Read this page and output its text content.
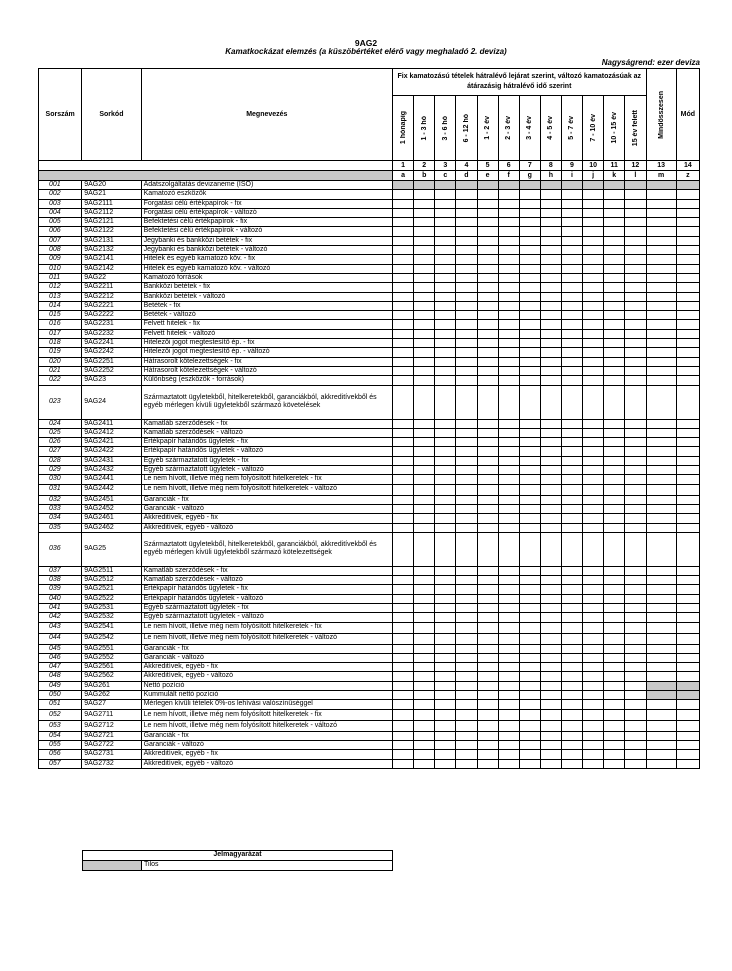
9AG2
Kamatkockázat elemzés (a küszöbértéket elérő vagy meghaladó 2. deviza)
Nagyságrend: ezer deviza
Sorszám	Sorkód	Megnevezés	Fix kamatozású tételek hátralévő lejárat szerint, változó kamatozásúak az átárazásig hátralévő idő szerint												Mindösszesen	Mód

			1 hónapig	1 - 3 hó	3 - 6 hó	6 - 12 hó	1 - 2 év	2 - 3 év	3 - 4 év	4 - 5 év	5 - 7 év	7 - 10 év	10 - 15 év	15 év felett		

			1	2	3	4	5	6	7	8	9	10	11	12	13	14
			a	b	c	d	e	f	g	h	i	j	k	l	m	z
001	9AG20	Adatszolgáltatás devizaneme (ISO)														
002	9AG21	Kamatozó eszközök														
003	9AG2111	Forgatási célú értékpapírok - fix														
004	9AG2112	Forgatási célú értékpapírok - változó														
005	9AG2121	Befektetési célú értékpapírok - fix														
006	9AG2122	Befektetési célú értékpapírok - változó														
007	9AG2131	Jegybanki és bankközi betétek - fix														
008	9AG2132	Jegybanki és bankközi betétek - változó														
009	9AG2141	Hitelek és egyéb kamatozó köv. - fix														
010	9AG2142	Hitelek és egyéb kamatozó köv. - változó														
011	9AG22	Kamatozó források														
012	9AG2211	Bankközi betétek - fix														
013	9AG2212	Bankközi betétek - változó														
014	9AG2221	Betétek - fix														
015	9AG2222	Betétek - változó														
016	9AG2231	Felvett hitelek - fix														
017	9AG2232	Felvett hitelek - változó														
018	9AG2241	Hitelezői jogot megtestesítő ép. - fix														
019	9AG2242	Hitelezői jogot megtestesítő ép. - változó														
020	9AG2251	Hátrasorolt kötelezettségek - fix														
021	9AG2252	Hátrasorolt kötelezettségek - változó														
022	9AG23	Különbség (eszközök - források)														
023	9AG24	Származtatott ügyletekből, hitelkeretekből, garanciákból, akkreditívekből és egyéb mérlegen kívüli ügyletekből származó követelések														
024	9AG2411	Kamatláb szerződések - fix														
025	9AG2412	Kamatláb szerződések - változó														
026	9AG2421	Értékpapír határidős ügyletek - fix														
027	9AG2422	Értékpapír határidős ügyletek - változó														
028	9AG2431	Egyéb származtatott ügyletek - fix														
029	9AG2432	Egyéb származtatott ügyletek - változó														
030	9AG2441	Le nem hívott, illetve még nem folyósított hitelkeretek - fix														
031	9AG2442	Le nem hívott, illetve még nem folyósított hitelkeretek - változó														
032	9AG2451	Garanciák - fix														
033	9AG2452	Garanciák - változó														
034	9AG2461	Akkreditívek, egyéb - fix														
035	9AG2462	Akkreditívek, egyéb - változó														
036	9AG25	Származtatott ügyletekből, hitelkeretekből, garanciákból, akkreditívekből és egyéb mérlegen kívüli ügyletekből származó kötelezettségek														
037	9AG2511	Kamatláb szerződések - fix														
038	9AG2512	Kamatláb szerződések - változó														
039	9AG2521	Értékpapír határidős ügyletek - fix														
040	9AG2522	Értékpapír határidős ügyletek - változó														
041	9AG2531	Egyéb származtatott ügyletek - fix														
042	9AG2532	Egyéb származtatott ügyletek - változó														
043	9AG2541	Le nem hívott, illetve még nem folyósított hitelkeretek - fix														
044	9AG2542	Le nem hívott, illetve még nem folyósított hitelkeretek - változó														
045	9AG2551	Garanciák - fix														
046	9AG2552	Garanciák - változó														
047	9AG2561	Akkreditívek, egyéb - fix														
048	9AG2562	Akkreditívek, egyéb - változó														
049	9AG261	Nettó pozíció														
050	9AG262	Kummulált nettó pozíció														
051	9AG27	Mérlegen kívüli tételek 0%-os lehívási valószínűséggel														
052	9AG2711	Le nem hívott, illetve még nem folyósított hitelkeretek - fix														
053	9AG2712	Le nem hívott, illetve még nem folyósított hitelkeretek - változó														
054	9AG2721	Garanciák - fix														
055	9AG2722	Garanciák - változó														
056	9AG2731	Akkreditívek, egyéb - fix														
057	9AG2732	Akkreditívek, egyéb - változó														
Jelmagyarázat
	Tilos
